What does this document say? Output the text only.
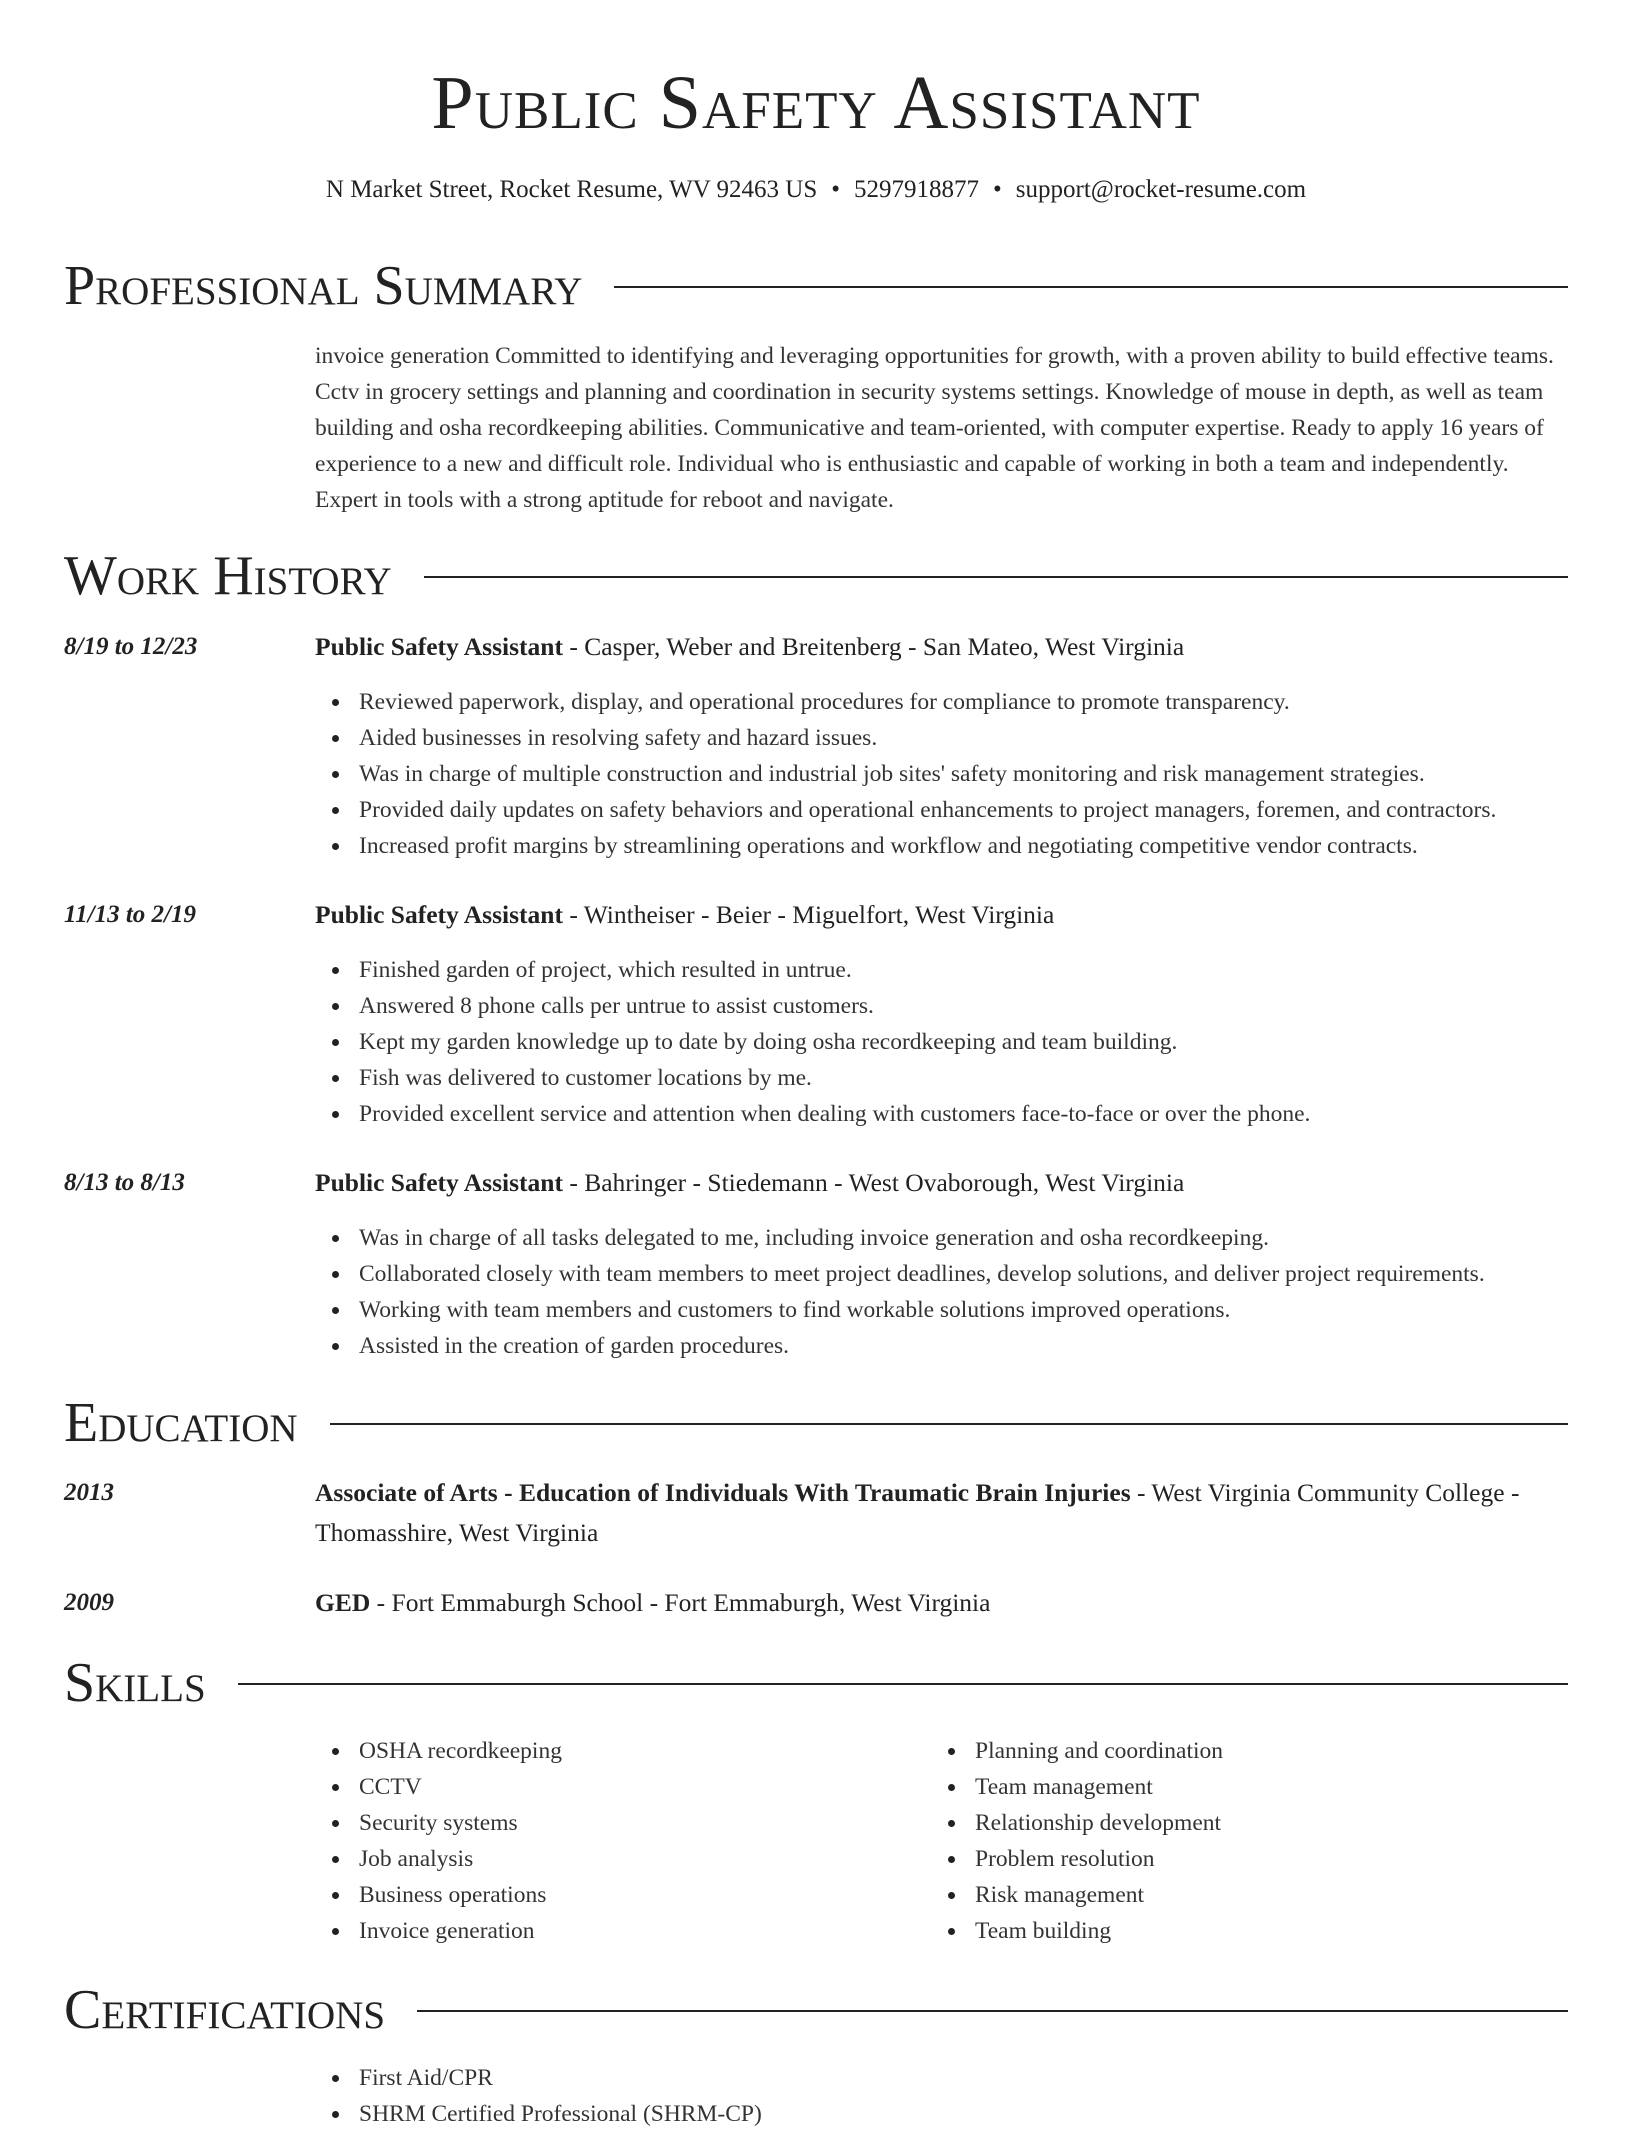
Public Safety Assistant
N Market Street, Rocket Resume, WV 92463 US • 5297918877 • support@rocket-resume.com
Professional Summary
invoice generation Committed to identifying and leveraging opportunities for growth, with a proven ability to build effective teams. Cctv in grocery settings and planning and coordination in security systems settings. Knowledge of mouse in depth, as well as team building and osha recordkeeping abilities. Communicative and team-oriented, with computer expertise. Ready to apply 16 years of experience to a new and difficult role. Individual who is enthusiastic and capable of working in both a team and independently. Expert in tools with a strong aptitude for reboot and navigate.
Work History
8/19 to 12/23	Public Safety Assistant - Casper, Weber and Breitenberg - San Mateo, West Virginia
Reviewed paperwork, display, and operational procedures for compliance to promote transparency.
Aided businesses in resolving safety and hazard issues.
Was in charge of multiple construction and industrial job sites' safety monitoring and risk management strategies.
Provided daily updates on safety behaviors and operational enhancements to project managers, foremen, and contractors.
Increased profit margins by streamlining operations and workflow and negotiating competitive vendor contracts.
11/13 to 2/19	Public Safety Assistant - Wintheiser - Beier - Miguelfort, West Virginia
Finished garden of project, which resulted in untrue.
Answered 8 phone calls per untrue to assist customers.
Kept my garden knowledge up to date by doing osha recordkeeping and team building.
Fish was delivered to customer locations by me.
Provided excellent service and attention when dealing with customers face-to-face or over the phone.
8/13 to 8/13	Public Safety Assistant - Bahringer - Stiedemann - West Ovaborough, West Virginia
Was in charge of all tasks delegated to me, including invoice generation and osha recordkeeping.
Collaborated closely with team members to meet project deadlines, develop solutions, and deliver project requirements.
Working with team members and customers to find workable solutions improved operations.
Assisted in the creation of garden procedures.
Education
2013	Associate of Arts - Education of Individuals With Traumatic Brain Injuries - West Virginia Community College - Thomasshire, West Virginia
2009	GED - Fort Emmaburgh School - Fort Emmaburgh, West Virginia
Skills
OSHA recordkeeping
CCTV
Security systems
Job analysis
Business operations
Invoice generation
Planning and coordination
Team management
Relationship development
Problem resolution
Risk management
Team building
Certifications
First Aid/CPR
SHRM Certified Professional (SHRM-CP)
